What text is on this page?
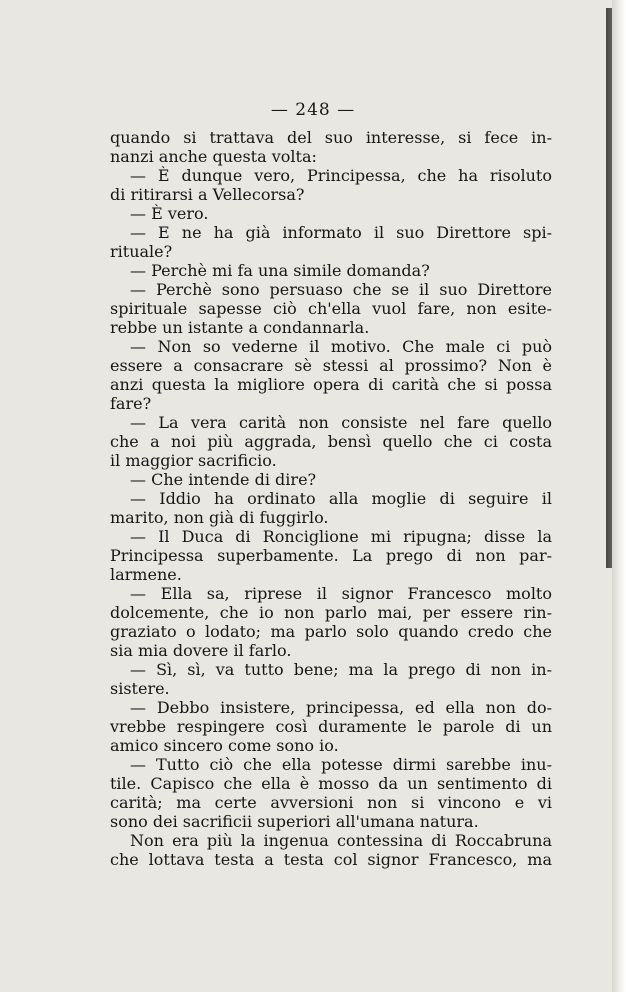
— 248 —
quando si trattava del suo interesse, si fece in-
nanzi anche questa volta:
— È dunque vero, Principessa, che ha risoluto
di ritirarsi a Vellecorsa?
— È vero.
— E ne ha già informato il suo Direttore spi-
rituale?
— Perchè mi fa una simile domanda?
— Perchè sono persuaso che se il suo Direttore
spirituale sapesse ciò ch'ella vuol fare, non esite-
rebbe un istante a condannarla.
— Non so vederne il motivo. Che male ci può
essere a consacrare sè stessi al prossimo? Non è
anzi questa la migliore opera di carità che si possa
fare?
— La vera carità non consiste nel fare quello
che a noi più aggrada, bensì quello che ci costa
il maggior sacrificio.
— Che intende di dire?
— Iddio ha ordinato alla moglie di seguire il
marito, non già di fuggirlo.
— Il Duca di Ronciglione mi ripugna; disse la
Principessa superbamente. La prego di non par-
larmene.
— Ella sa, riprese il signor Francesco molto
dolcemente, che io non parlo mai, per essere rin-
graziato o lodato; ma parlo solo quando credo che
sia mia dovere il farlo.
— Sì, sì, va tutto bene; ma la prego di non in-
sistere.
— Debbo insistere, principessa, ed ella non do-
vrebbe respingere così duramente le parole di un
amico sincero come sono io.
— Tutto ciò che ella potesse dirmi sarebbe inu-
tile. Capisco che ella è mosso da un sentimento di
carità; ma certe avversioni non si vincono e vi
sono dei sacrificii superiori all'umana natura.
Non era più la ingenua contessina di Roccabruna
che lottava testa a testa col signor Francesco, ma
